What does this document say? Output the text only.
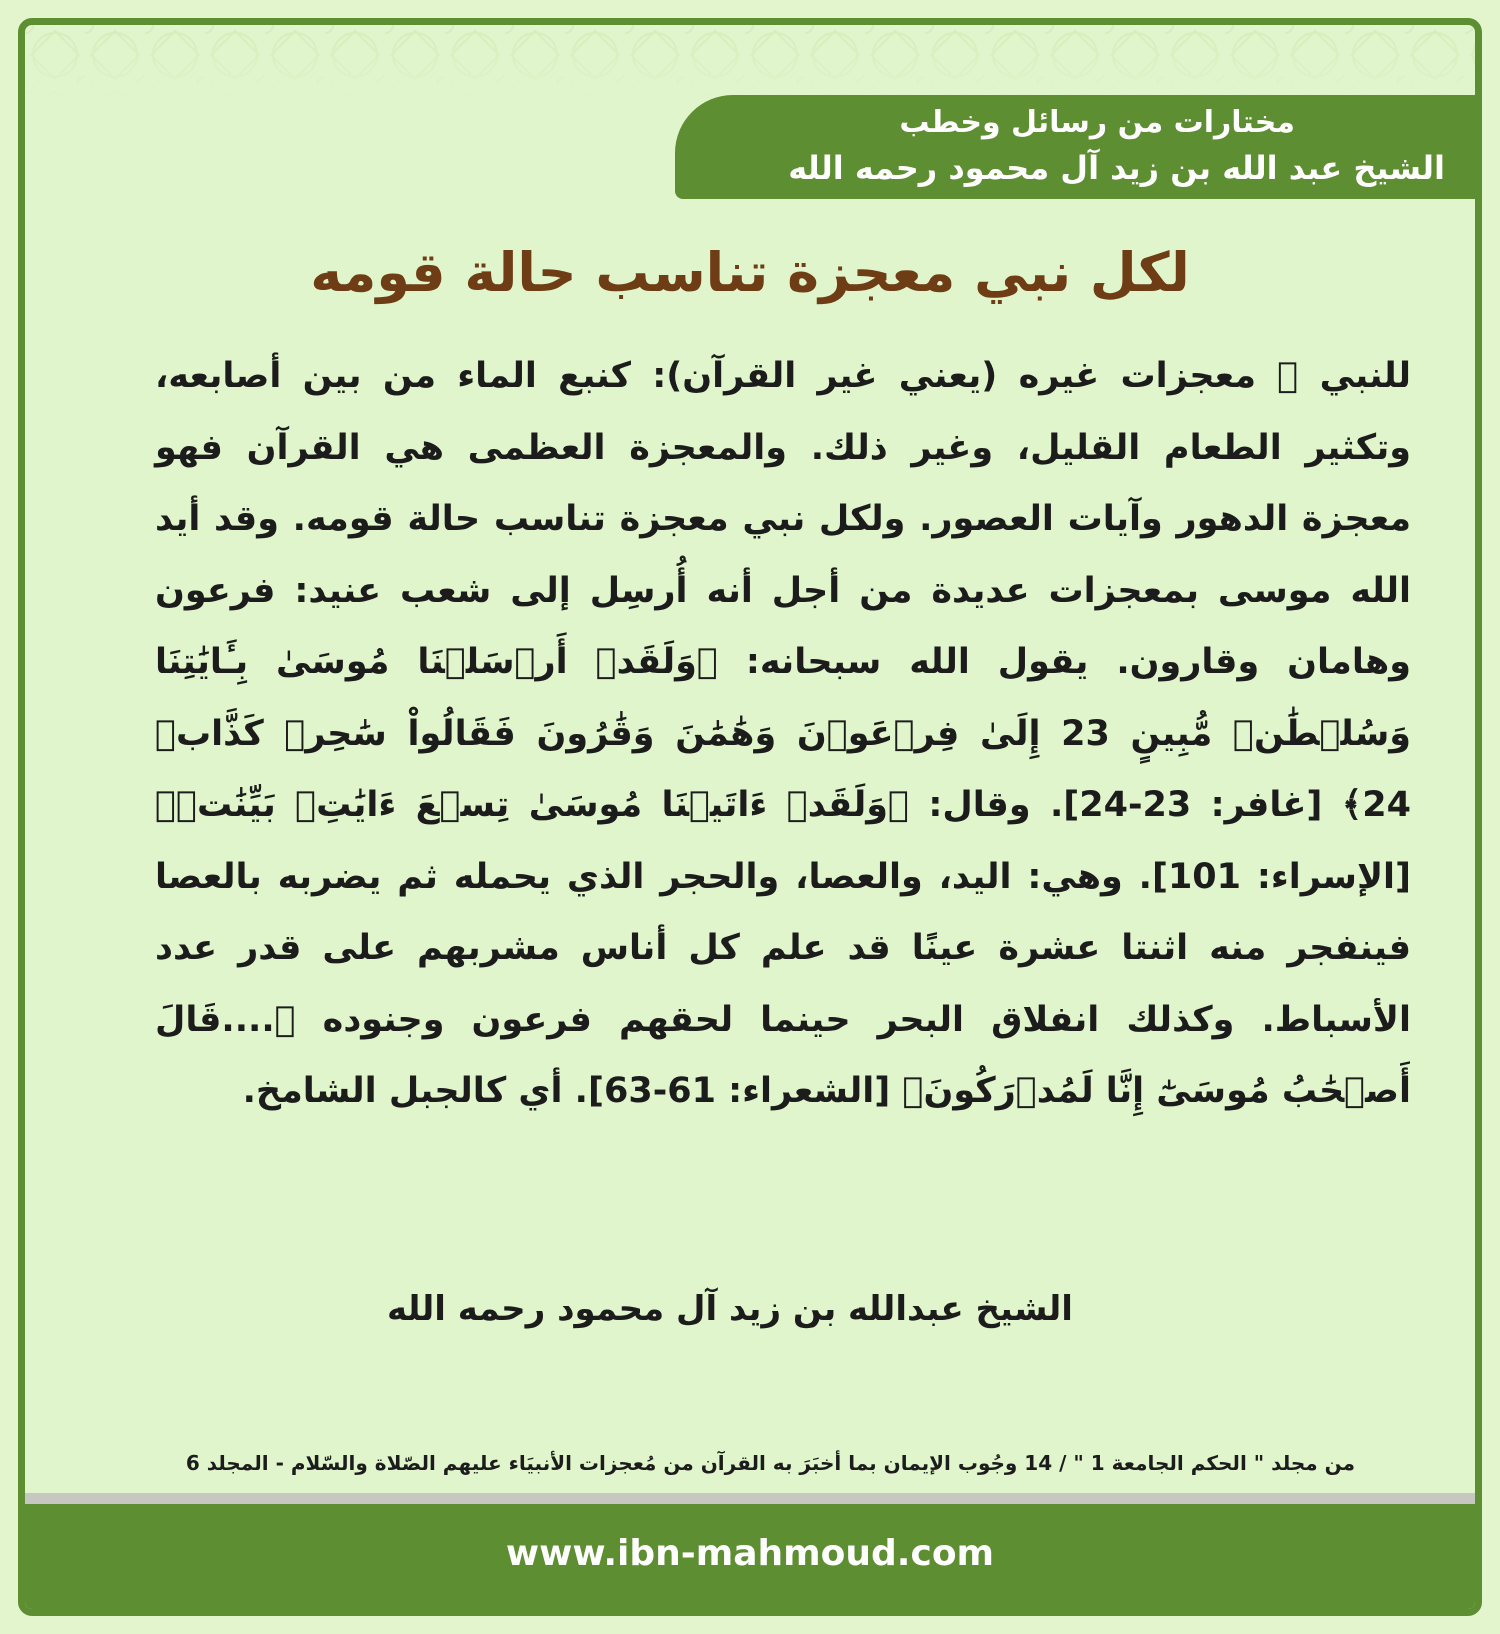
مختارات من رسائل وخطب
الشيخ عبد الله بن زيد آل محمود رحمه الله
لكل نبي معجزة تناسب حالة قومه
للنبي ﷺ معجزات غيره (يعني غير القرآن): كنبع الماء من بين أصابعه، وتكثير الطعام القليل، وغير ذلك. والمعجزة العظمى هي القرآن فهو معجزة الدهور وآيات العصور. ولكل نبي معجزة تناسب حالة قومه. وقد أيد الله موسى بمعجزات عديدة من أجل أنه أُرسِل إلى شعب عنيد: فرعون وهامان وقارون. يقول الله سبحانه: ﴿وَلَقَدۡ أَرۡسَلۡنَا مُوسَىٰ بِـَٔايَٰتِنَا وَسُلۡطَٰنٖ مُّبِينٍ 23 إِلَىٰ فِرۡعَوۡنَ وَهَٰمَٰنَ وَقَٰرُونَ فَقَالُواْ سَٰحِرٞ كَذَّابٞ 24﴾ [غافر: 23-24]. وقال: ﴿وَلَقَدۡ ءَاتَيۡنَا مُوسَىٰ تِسۡعَ ءَايَٰتِۭ بَيِّنَٰتٖ﴾ [الإسراء: 101]. وهي: اليد، والعصا، والحجر الذي يحمله ثم يضربه بالعصا فينفجر منه اثنتا عشرة عينًا قد علم كل أناس مشربهم على قدر عدد الأسباط. وكذلك انفلاق البحر حينما لحقهم فرعون وجنوده ﴿....قَالَ أَصۡحَٰبُ مُوسَىٰٓ إِنَّا لَمُدۡرَكُونَ﴾ [الشعراء: 61-63]. أي كالجبل الشامخ.
الشيخ عبدالله بن زيد آل محمود رحمه الله
من مجلد " الحكم الجامعة 1 " / 14 وجُوب الإيمان بما أخبَرَ به القرآن من مُعجزات الأنبيَاء عليهم الصّلاة والسّلام - المجلد 6
www.ibn-mahmoud.com
